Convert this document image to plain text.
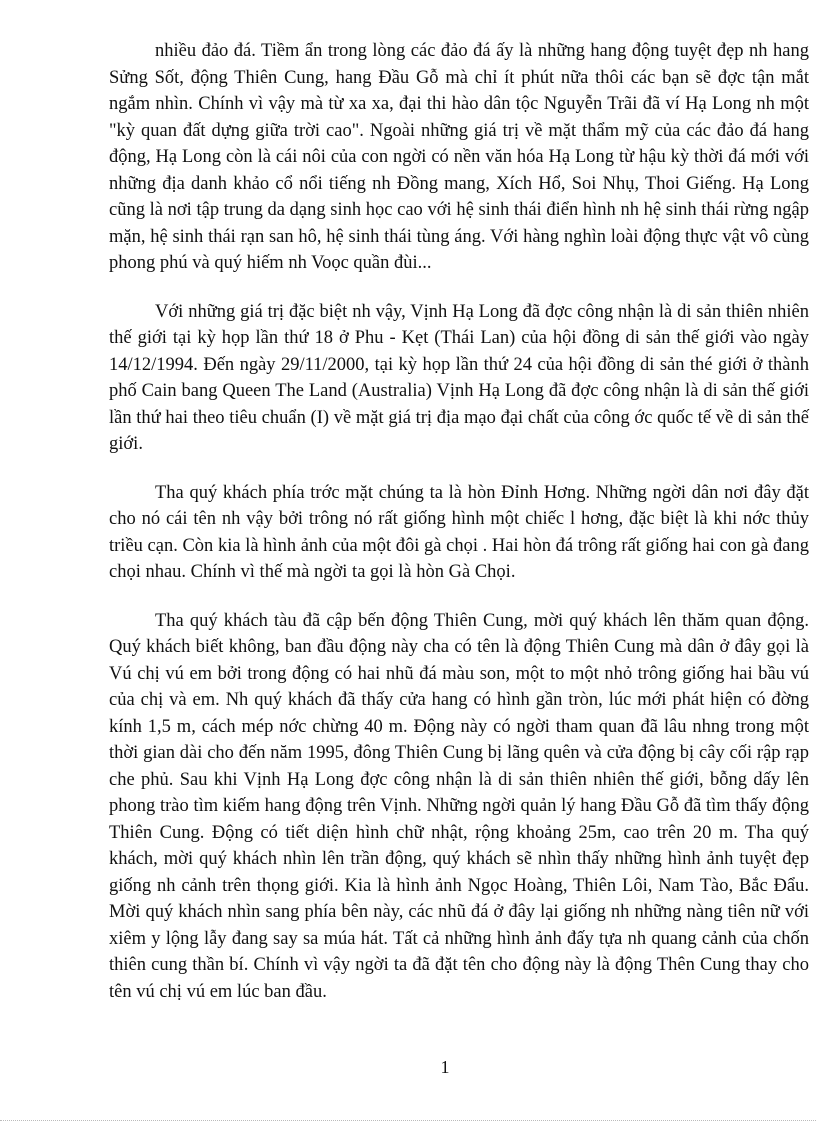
nhiều đảo đá. Tiềm ẩn trong lòng các đảo đá ấy là những hang động tuyệt đẹp nh hang Sửng Sốt, động Thiên Cung, hang Đầu Gỗ mà chỉ ít phút nữa thôi các bạn sẽ đợc tận mắt ngắm nhìn. Chính vì vậy mà từ xa xa, đại thi hào dân tộc Nguyễn Trãi đã ví Hạ Long nh một "kỳ quan đất dựng giữa trời cao". Ngoài những giá trị về mặt thẩm mỹ của các đảo đá hang động, Hạ Long còn là cái nôi của con ngời có nền văn hóa Hạ Long từ hậu kỳ thời đá mới với những địa danh khảo cổ nổi tiếng nh Đồng mang, Xích Hổ, Soi Nhụ, Thoi Giếng. Hạ Long cũng là nơi tập trung da dạng sinh học cao với hệ sinh thái điển hình nh hệ sinh thái rừng ngập mặn, hệ sinh thái rạn san hô, hệ sinh thái tùng áng. Với hàng nghìn loài động thực vật vô cùng phong phú và quý hiếm nh Voọc quần đùi...

Với những giá trị đặc biệt nh vậy, Vịnh Hạ Long đã đợc công nhận là di sản thiên nhiên thế giới tại kỳ họp lần thứ 18 ở Phu - Kẹt (Thái Lan) của hội đồng di sản thế giới vào ngày 14/12/1994. Đến ngày 29/11/2000, tại kỳ họp lần thứ 24 của hội đồng di sản thé giới ở thành phố Cain bang Queen The Land (Australia) Vịnh Hạ Long đã đợc công nhận là di sản thế giới lần thứ hai theo tiêu chuẩn (I) về mặt giá trị địa mạo đại chất của công ớc quốc tế về di sản thế giới.

Tha quý khách phía trớc mặt chúng ta là hòn Đỉnh Hơng. Những ngời dân nơi đây đặt cho nó cái tên nh vậy bởi trông nó rất giống hình một chiếc l hơng, đặc biệt là khi nớc thủy triều cạn. Còn kia là hình ảnh của một đôi gà chọi . Hai hòn đá trông rất giống hai con gà đang chọi nhau. Chính vì thế mà ngời ta gọi là hòn Gà Chọi.

Tha quý khách tàu đã cập bến động Thiên Cung, mời quý khách lên thăm quan động. Quý khách biết không, ban đầu động này cha có tên là động Thiên Cung mà dân ở đây gọi là Vú chị vú em bởi trong động có hai nhũ đá màu son, một to một nhỏ trông giống hai bầu vú của chị và em. Nh quý khách đã thấy cửa hang có hình gần tròn, lúc mới phát hiện có đờng kính 1,5 m, cách mép nớc chừng 40 m. Động này có ngời tham quan đã lâu nhng trong một thời gian dài cho đến năm 1995, đông Thiên Cung bị lãng quên và cửa động bị cây cối rập rạp che phủ. Sau khi Vịnh Hạ Long đợc công nhận là di sản thiên nhiên thế giới, bỗng dấy lên phong trào tìm kiếm hang động trên Vịnh. Những ngời quản lý hang Đầu Gỗ đã tìm thấy động Thiên Cung. Động có tiết diện hình chữ nhật, rộng khoảng 25m, cao trên 20 m. Tha quý khách, mời quý khách nhìn lên trần động, quý khách sẽ nhìn thấy những hình ảnh tuyệt đẹp giống nh cảnh trên thọng giới. Kia là hình ảnh Ngọc Hoàng, Thiên Lôi, Nam Tào, Bắc Đẩu. Mời quý khách nhìn sang phía bên này, các nhũ đá ở đây lại giống nh những nàng tiên nữ với xiêm y lộng lẫy đang say sa múa hát. Tất cả những hình ảnh đấy tựa nh quang cảnh của chốn thiên cung thần bí. Chính vì vậy ngời ta đã đặt tên cho động này là động Thên Cung thay cho tên vú chị vú em lúc ban đầu.

1
